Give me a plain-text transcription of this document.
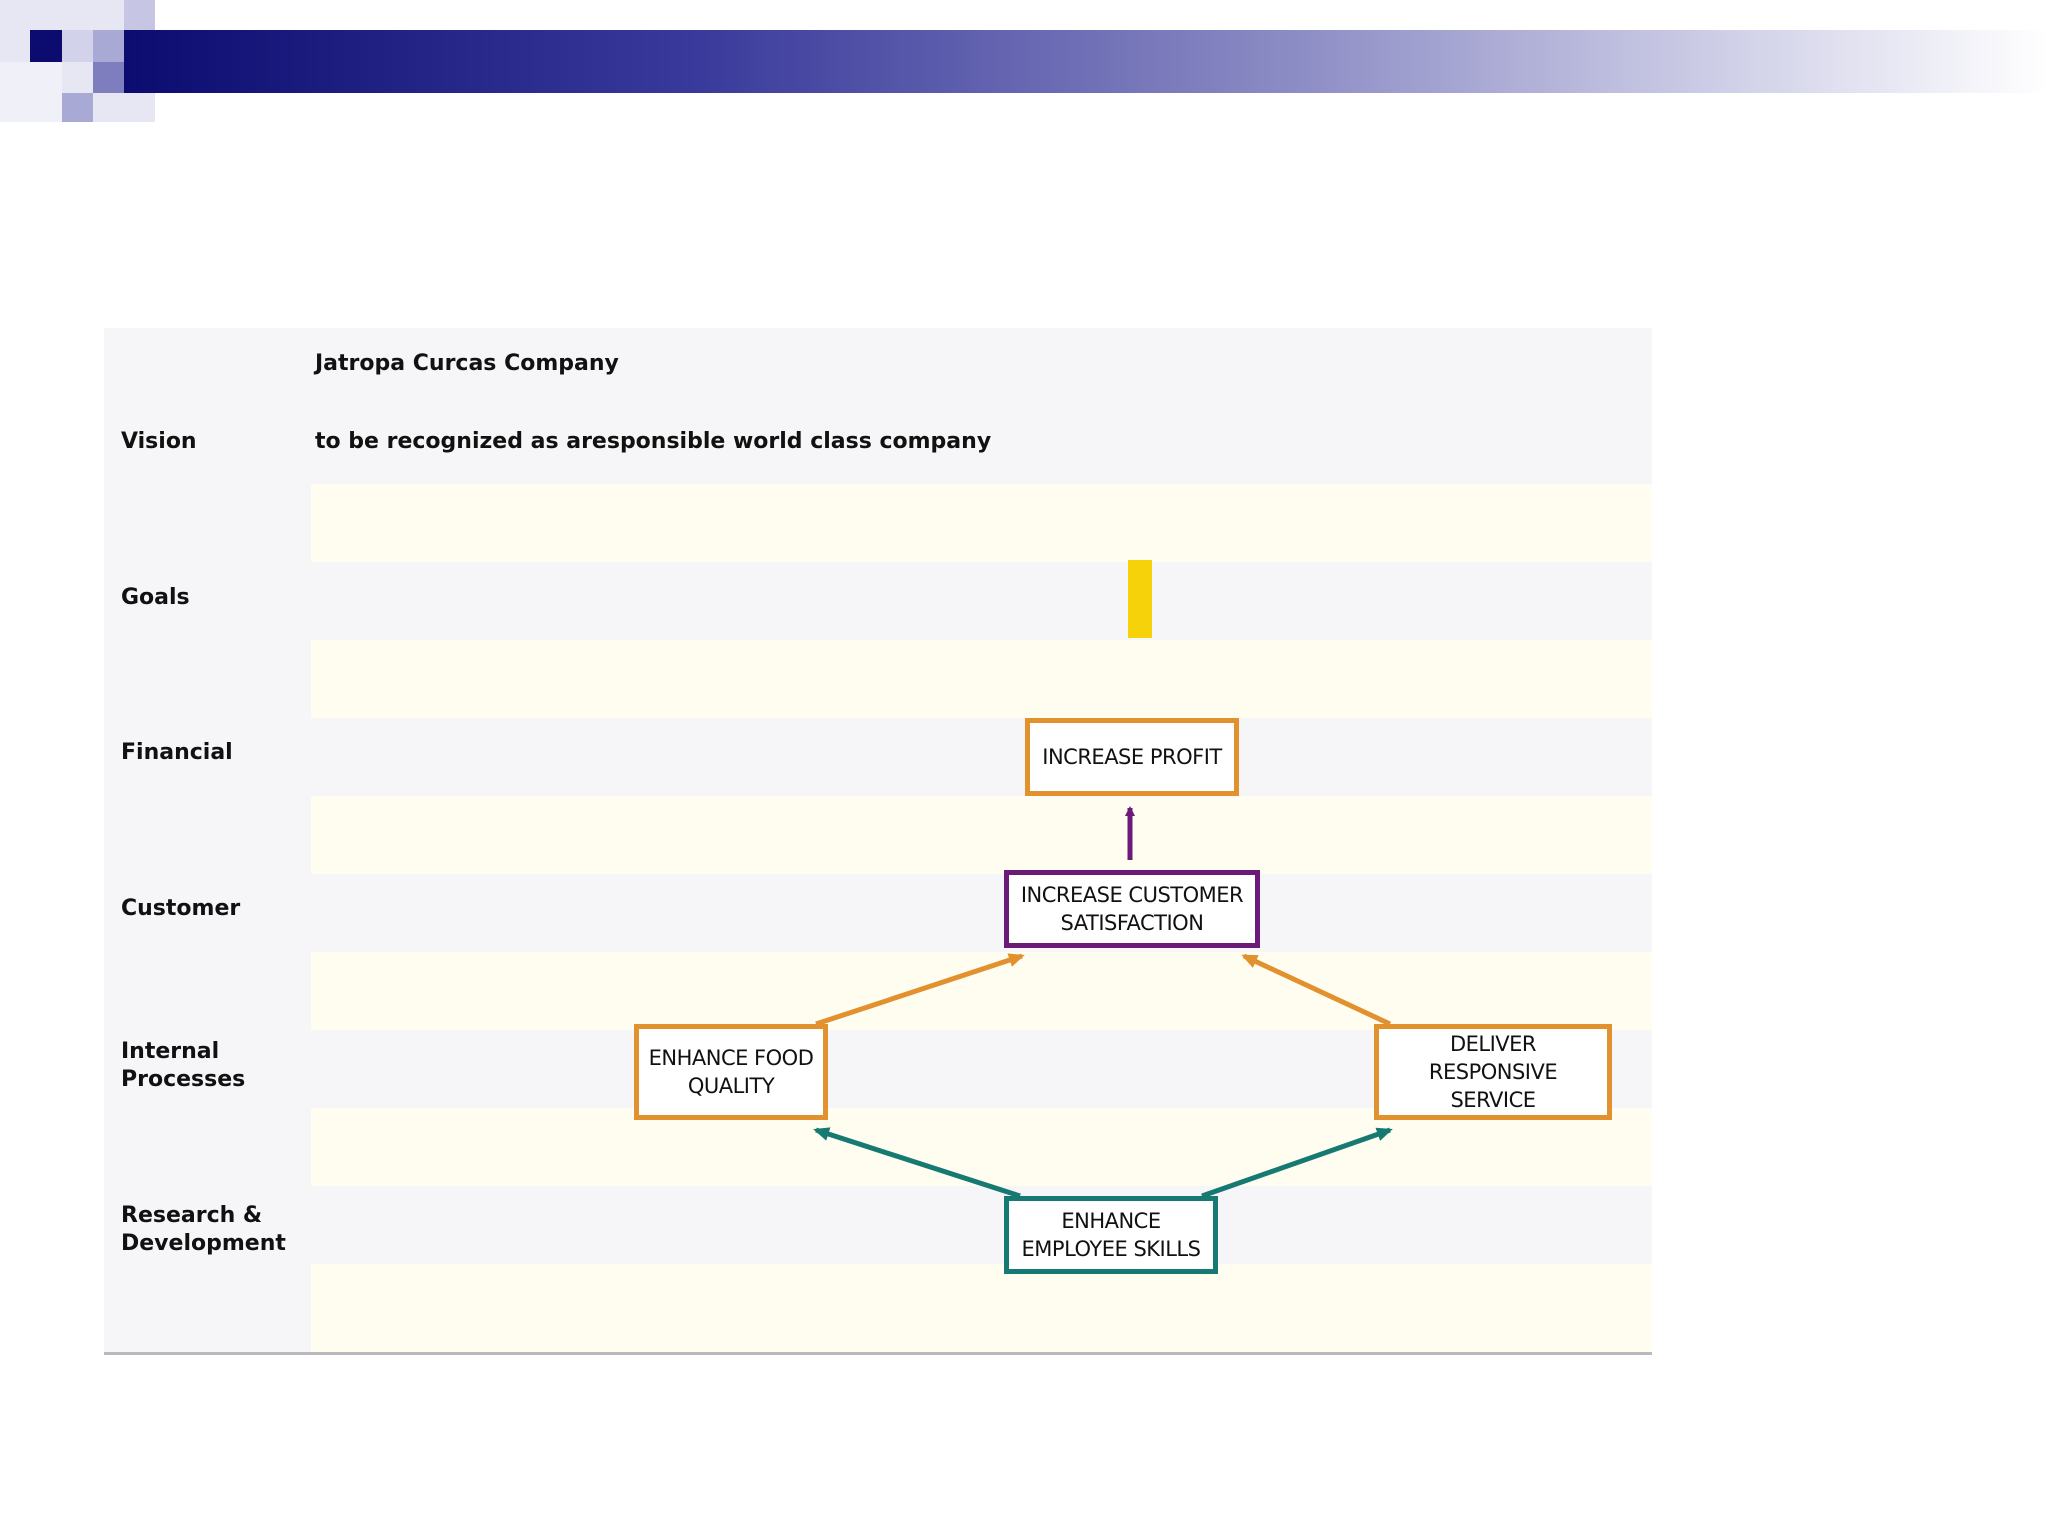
Jatropa Curcas Company
Vision	to be recognized as aresponsible world class company
Goals
Financial
Customer
Internal
Processes
Research &
Development
INCREASE PROFIT
INCREASE CUSTOMER
SATISFACTION
ENHANCE FOOD
QUALITY
DELIVER
RESPONSIVE
SERVICE
ENHANCE
EMPLOYEE SKILLS
